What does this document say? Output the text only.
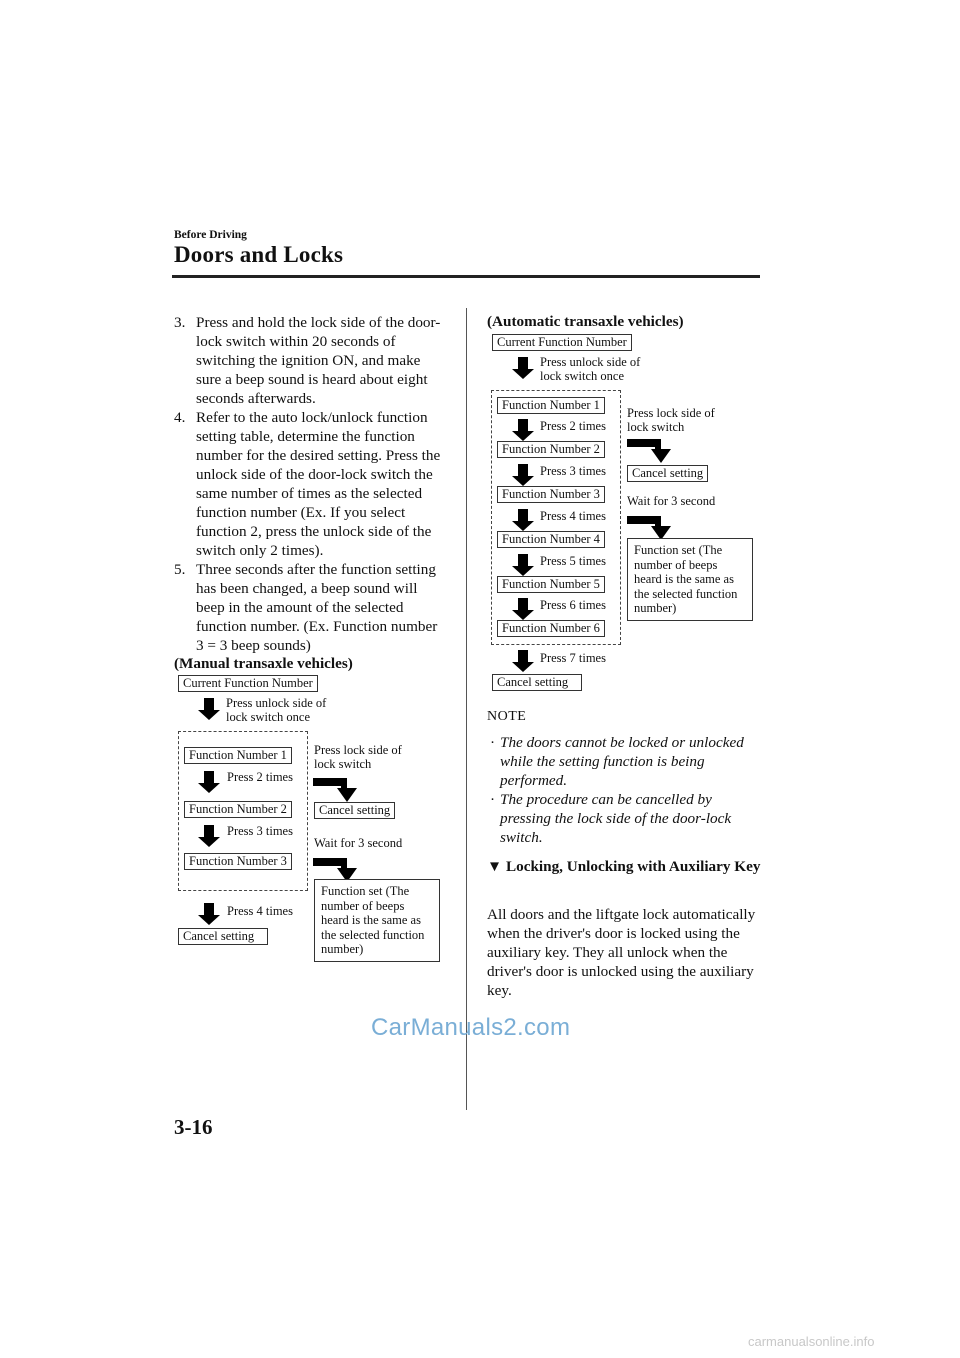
Before Driving
Doors and Locks
3. Press and hold the lock side of the door-lock switch within 20 seconds of switching the ignition ON, and make sure a beep sound is heard about eight seconds afterwards.
4. Refer to the auto lock/unlock function setting table, determine the function number for the desired setting. Press the unlock side of the door-lock switch the same number of times as the selected function number (Ex. If you select function 2, press the unlock side of the switch only 2 times).
5. Three seconds after the function setting has been changed, a beep sound will beep in the amount of the selected function number. (Ex. Function number 3 = 3 beep sounds)
(Manual transaxle vehicles)
Current Function Number
Press unlock side of
lock switch once
Function Number 1
Press 2 times
Function Number 2
Press 3 times
Function Number 3
Press 4 times
Cancel setting
Press lock side of
lock switch
Cancel setting
Wait for 3 second
Function set (The
number of beeps
heard is the same as
the selected function
number)
(Automatic transaxle vehicles)
Current Function Number
Press unlock side of
lock switch once
Function Number 1
Press 2 times
Function Number 2
Press 3 times
Function Number 3
Press 4 times
Function Number 4
Press 5 times
Function Number 5
Press 6 times
Function Number 6
Press 7 times
Cancel setting
Press lock side of
lock switch
Cancel setting
Wait for 3 second
Function set (The
number of beeps
heard is the same as
the selected function
number)
NOTE
· The doors cannot be locked or unlocked while the setting function is being performed.
· The procedure can be cancelled by pressing the lock side of the door-lock switch.
▼ Locking, Unlocking with Auxiliary Key
All doors and the liftgate lock automatically when the driver's door is locked using the auxiliary key. They all unlock when the driver's door is unlocked using the auxiliary key.
3-16
CarManuals2.com
carmanualsonline.info
